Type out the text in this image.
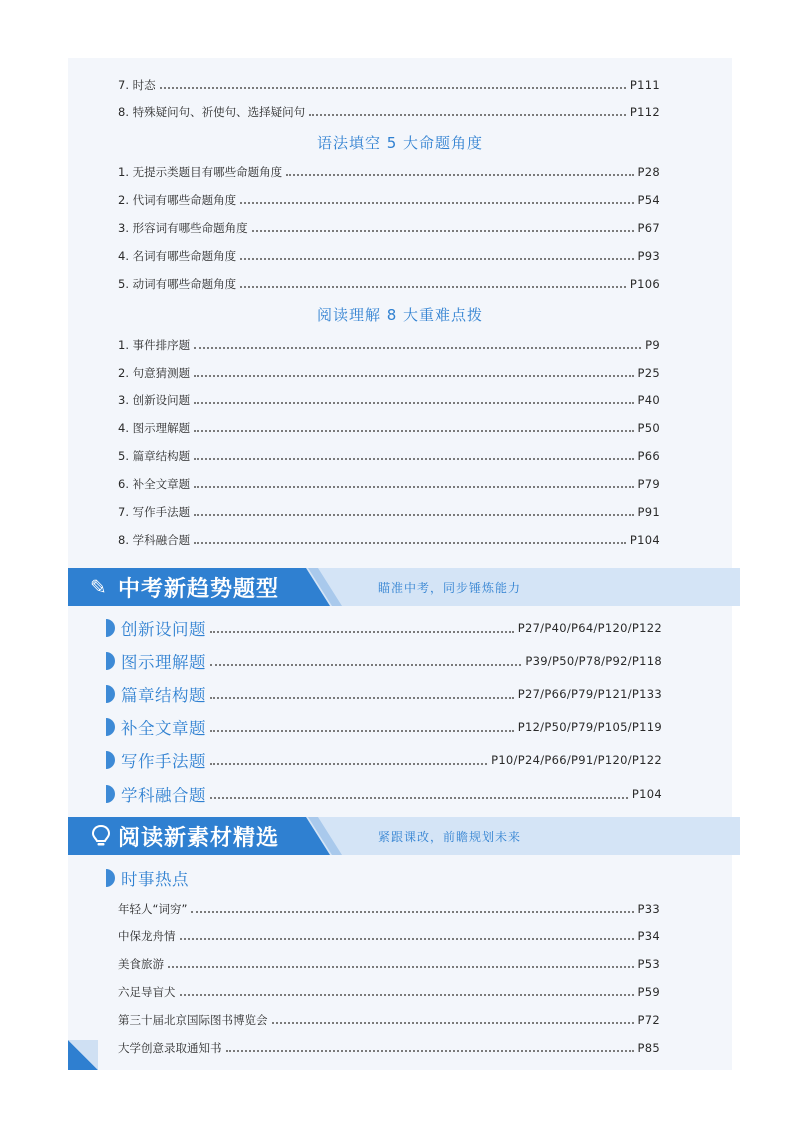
7. 时态	P111
8. 特殊疑问句、祈使句、选择疑问句	P112
语法填空 5 大命题角度
1. 无提示类题目有哪些命题角度	P28
2. 代词有哪些命题角度	P54
3. 形容词有哪些命题角度	P67
4. 名词有哪些命题角度	P93
5. 动词有哪些命题角度	P106
阅读理解 8 大重难点拨
1. 事件排序题	P9
2. 句意猜测题	P25
3. 创新设问题	P40
4. 图示理解题	P50
5. 篇章结构题	P66
6. 补全文章题	P79
7. 写作手法题	P91
8. 学科融合题	P104
✎ 中考新趋势题型	瞄准中考，同步锤炼能力
创新设问题	P27/P40/P64/P120/P122
图示理解题	P39/P50/P78/P92/P118
篇章结构题	P27/P66/P79/P121/P133
补全文章题	P12/P50/P79/P105/P119
写作手法题	P10/P24/P66/P91/P120/P122
学科融合题	P104
阅读新素材精选	紧跟课改，前瞻规划未来
时事热点
年轻人“词穷”	P33
中保龙舟情	P34
美食旅游	P53
六足导盲犬	P59
第三十届北京国际图书博览会	P72
大学创意录取通知书	P85
